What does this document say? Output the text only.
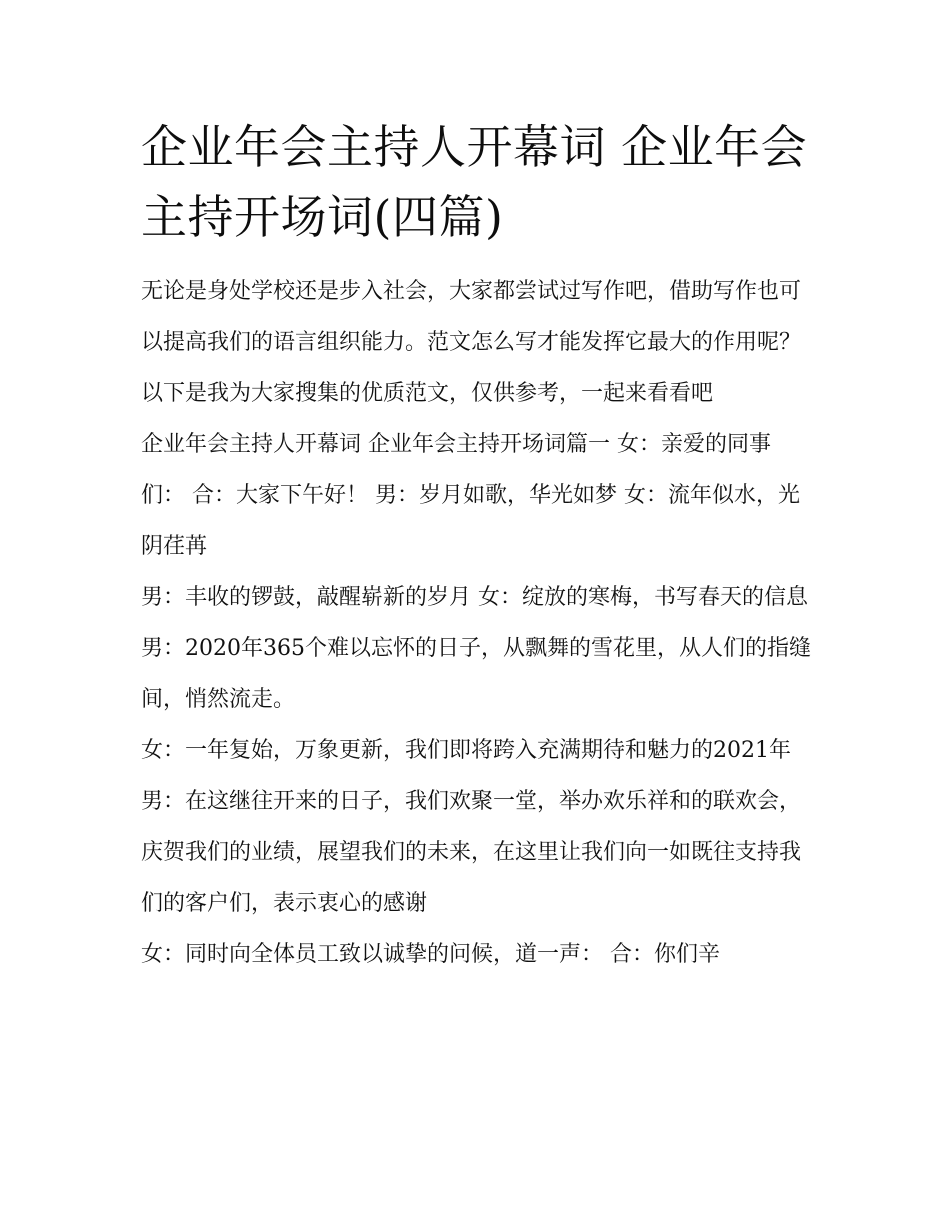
企业年会主持人开幕词 企业年会主持开场词(四篇)

无论是身处学校还是步入社会，大家都尝试过写作吧，借助写作也可以提高我们的语言组织能力。范文怎么写才能发挥它最大的作用呢？以下是我为大家搜集的优质范文，仅供参考，一起来看看吧

企业年会主持人开幕词 企业年会主持开场词篇一 女：亲爱的同事们： 合：大家下午好！ 男：岁月如歌，华光如梦 女：流年似水，光阴荏苒

男：丰收的锣鼓，敲醒崭新的岁月 女：绽放的寒梅，书写春天的信息 男：2020年365个难以忘怀的日子，从飘舞的雪花里，从人们的指缝间，悄然流走。

女：一年复始，万象更新，我们即将跨入充满期待和魅力的2021年

男：在这继往开来的日子，我们欢聚一堂，举办欢乐祥和的联欢会，庆贺我们的业绩，展望我们的未来，在这里让我们向一如既往支持我们的客户们，表示衷心的感谢

女：同时向全体员工致以诚挚的问候，道一声： 合：你们辛
